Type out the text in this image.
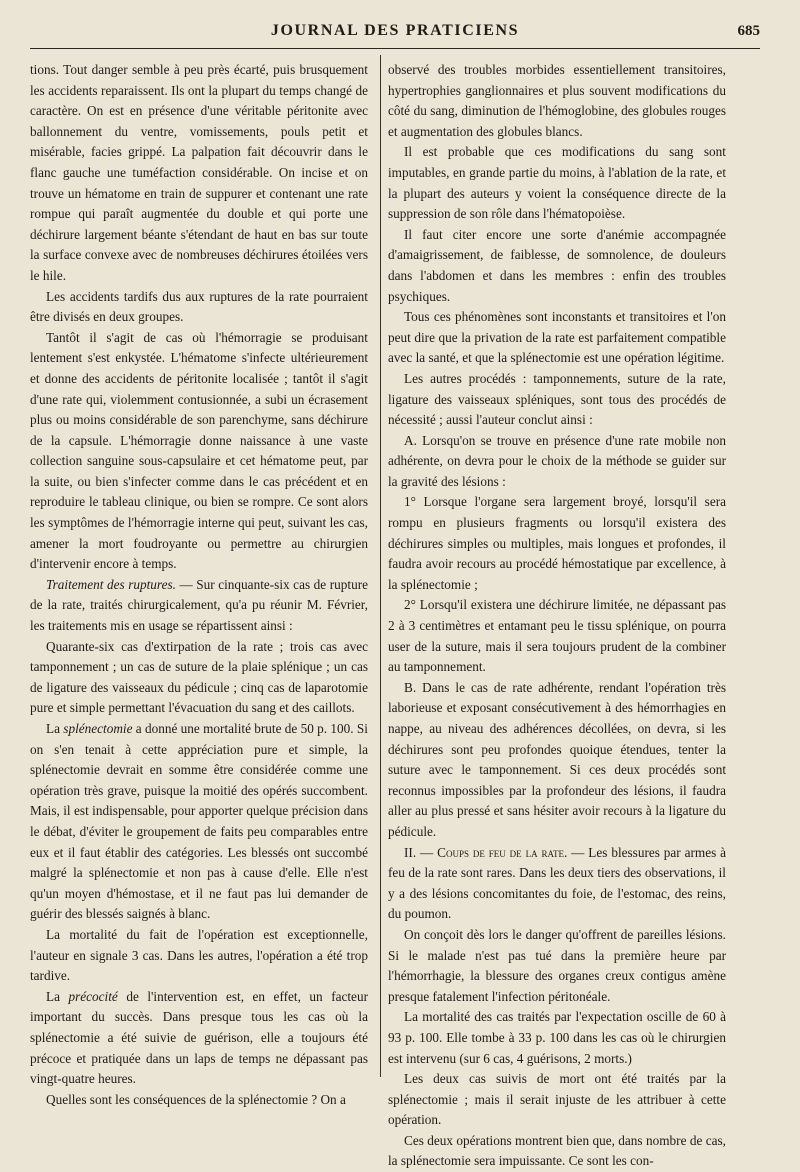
JOURNAL DES PRATICIENS	685

tions. Tout danger semble à peu près écarté, puis brusquement les accidents reparaissent. Ils ont la plupart du temps changé de caractère. On est en présence d'une véritable péritonite avec ballonnement du ventre, vomissements, pouls petit et misérable, facies grippé. La palpation fait découvrir dans le flanc gauche une tuméfaction considérable. On incise et on trouve un hématome en train de suppurer et contenant une rate rompue qui paraît augmentée du double et qui porte une déchirure largement béante s'étendant de haut en bas sur toute la surface convexe avec de nombreuses déchirures étoilées vers le hile.

Les accidents tardifs dus aux ruptures de la rate pourraient être divisés en deux groupes.

Tantôt il s'agit de cas où l'hémorragie se produisant lentement s'est enkystée. L'hématome s'infecte ultérieurement et donne des accidents de péritonite localisée ; tantôt il s'agit d'une rate qui, violemment contusionnée, a subi un écrasement plus ou moins considérable de son parenchyme, sans déchirure de la capsule. L'hémorragie donne naissance à une vaste collection sanguine sous-capsulaire et cet hématome peut, par la suite, ou bien s'infecter comme dans le cas précédent et en reproduire le tableau clinique, ou bien se rompre. Ce sont alors les symptômes de l'hémorragie interne qui peut, suivant les cas, amener la mort foudroyante ou permettre au chirurgien d'intervenir encore à temps.

Traitement des ruptures. — Sur cinquante-six cas de rupture de la rate, traités chirurgicalement, qu'a pu réunir M. Février, les traitements mis en usage se répartissent ainsi :

Quarante-six cas d'extirpation de la rate ; trois cas avec tamponnement ; un cas de suture de la plaie splénique ; un cas de ligature des vaisseaux du pédicule ; cinq cas de laparotomie pure et simple permettant l'évacuation du sang et des caillots.

La splénectomie a donné une mortalité brute de 50 p. 100. Si on s'en tenait à cette appréciation pure et simple, la splénectomie devrait en somme être considérée comme une opération très grave, puisque la moitié des opérés succombent. Mais, il est indispensable, pour apporter quelque précision dans le débat, d'éviter le groupement de faits peu comparables entre eux et il faut établir des catégories. Les blessés ont succombé malgré la splénectomie et non pas à cause d'elle. Elle n'est qu'un moyen d'hémostase, et il ne faut pas lui demander de guérir des blessés saignés à blanc.

La mortalité du fait de l'opération est exceptionnelle, l'auteur en signale 3 cas. Dans les autres, l'opération a été trop tardive.

La précocité de l'intervention est, en effet, un facteur important du succès. Dans presque tous les cas où la splénectomie a été suivie de guérison, elle a toujours été précoce et pratiquée dans un laps de temps ne dépassant pas vingt-quatre heures.

Quelles sont les conséquences de la splénectomie ? On a

observé des troubles morbides essentiellement transitoires, hypertrophies ganglionnaires et plus souvent modifications du côté du sang, diminution de l'hémoglobine, des globules rouges et augmentation des globules blancs.

Il est probable que ces modifications du sang sont imputables, en grande partie du moins, à l'ablation de la rate, et la plupart des auteurs y voient la conséquence directe de la suppression de son rôle dans l'hématopoièse.

Il faut citer encore une sorte d'anémie accompagnée d'amaigrissement, de faiblesse, de somnolence, de douleurs dans l'abdomen et dans les membres : enfin des troubles psychiques.

Tous ces phénomènes sont inconstants et transitoires et l'on peut dire que la privation de la rate est parfaitement compatible avec la santé, et que la splénectomie est une opération légitime.

Les autres procédés : tamponnements, suture de la rate, ligature des vaisseaux spléniques, sont tous des procédés de nécessité ; aussi l'auteur conclut ainsi :

A. Lorsqu'on se trouve en présence d'une rate mobile non adhérente, on devra pour le choix de la méthode se guider sur la gravité des lésions :

1° Lorsque l'organe sera largement broyé, lorsqu'il sera rompu en plusieurs fragments ou lorsqu'il existera des déchirures simples ou multiples, mais longues et profondes, il faudra avoir recours au procédé hémostatique par excellence, à la splénectomie ;

2° Lorsqu'il existera une déchirure limitée, ne dépassant pas 2 à 3 centimètres et entamant peu le tissu splénique, on pourra user de la suture, mais il sera toujours prudent de la combiner au tamponnement.

B. Dans le cas de rate adhérente, rendant l'opération très laborieuse et exposant consécutivement à des hémorrhagies en nappe, au niveau des adhérences décollées, on devra, si les déchirures sont peu profondes quoique étendues, tenter la suture avec le tamponnement. Si ces deux procédés sont reconnus impossibles par la profondeur des lésions, il faudra aller au plus pressé et sans hésiter avoir recours à la ligature du pédicule.

II. — Coups de feu de la rate. — Les blessures par armes à feu de la rate sont rares. Dans les deux tiers des observations, il y a des lésions concomitantes du foie, de l'estomac, des reins, du poumon.

On conçoit dès lors le danger qu'offrent de pareilles lésions. Si le malade n'est pas tué dans la première heure par l'hémorrhagie, la blessure des organes creux contigus amène presque fatalement l'infection péritonéale.

La mortalité des cas traités par l'expectation oscille de 60 à 93 p. 100. Elle tombe à 33 p. 100 dans les cas où le chirurgien est intervenu (sur 6 cas, 4 guérisons, 2 morts.)

Les deux cas suivis de mort ont été traités par la splénectomie ; mais il serait injuste de les attribuer à cette opération.

Ces deux opérations montrent bien que, dans nombre de cas, la splénectomie sera impuissante. Ce sont les con-
